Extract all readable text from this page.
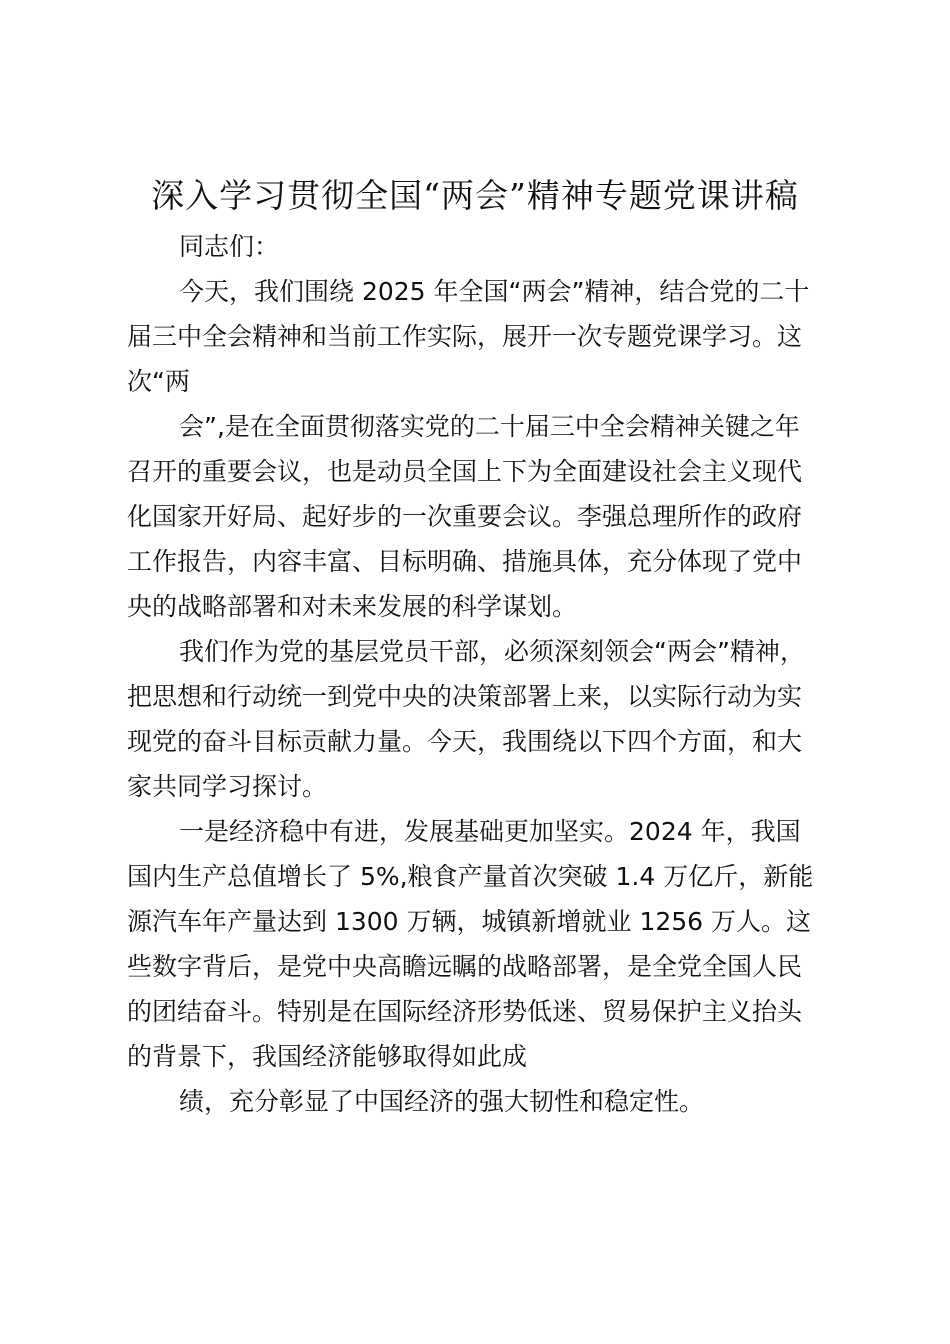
深入学习贯彻全国“两会”精神专题党课讲稿
同志们：
今天，我们围绕 2025 年全国“两会”精神，结合党的二十
届三中全会精神和当前工作实际，展开一次专题党课学习。这
次“两
会”,是在全面贯彻落实党的二十届三中全会精神关键之年
召开的重要会议，也是动员全国上下为全面建设社会主义现代
化国家开好局、起好步的一次重要会议。李强总理所作的政府
工作报告，内容丰富、目标明确、措施具体，充分体现了党中
央的战略部署和对未来发展的科学谋划。
我们作为党的基层党员干部，必须深刻领会“两会”精神，
把思想和行动统一到党中央的决策部署上来，以实际行动为实
现党的奋斗目标贡献力量。今天，我围绕以下四个方面，和大
家共同学习探讨。
一是经济稳中有进，发展基础更加坚实。2024 年，我国
国内生产总值增长了 5%,粮食产量首次突破 1.4 万亿斤，新能
源汽车年产量达到 1300 万辆，城镇新增就业 1256 万人。这
些数字背后，是党中央高瞻远瞩的战略部署，是全党全国人民
的团结奋斗。特别是在国际经济形势低迷、贸易保护主义抬头
的背景下，我国经济能够取得如此成
绩，充分彰显了中国经济的强大韧性和稳定性。
